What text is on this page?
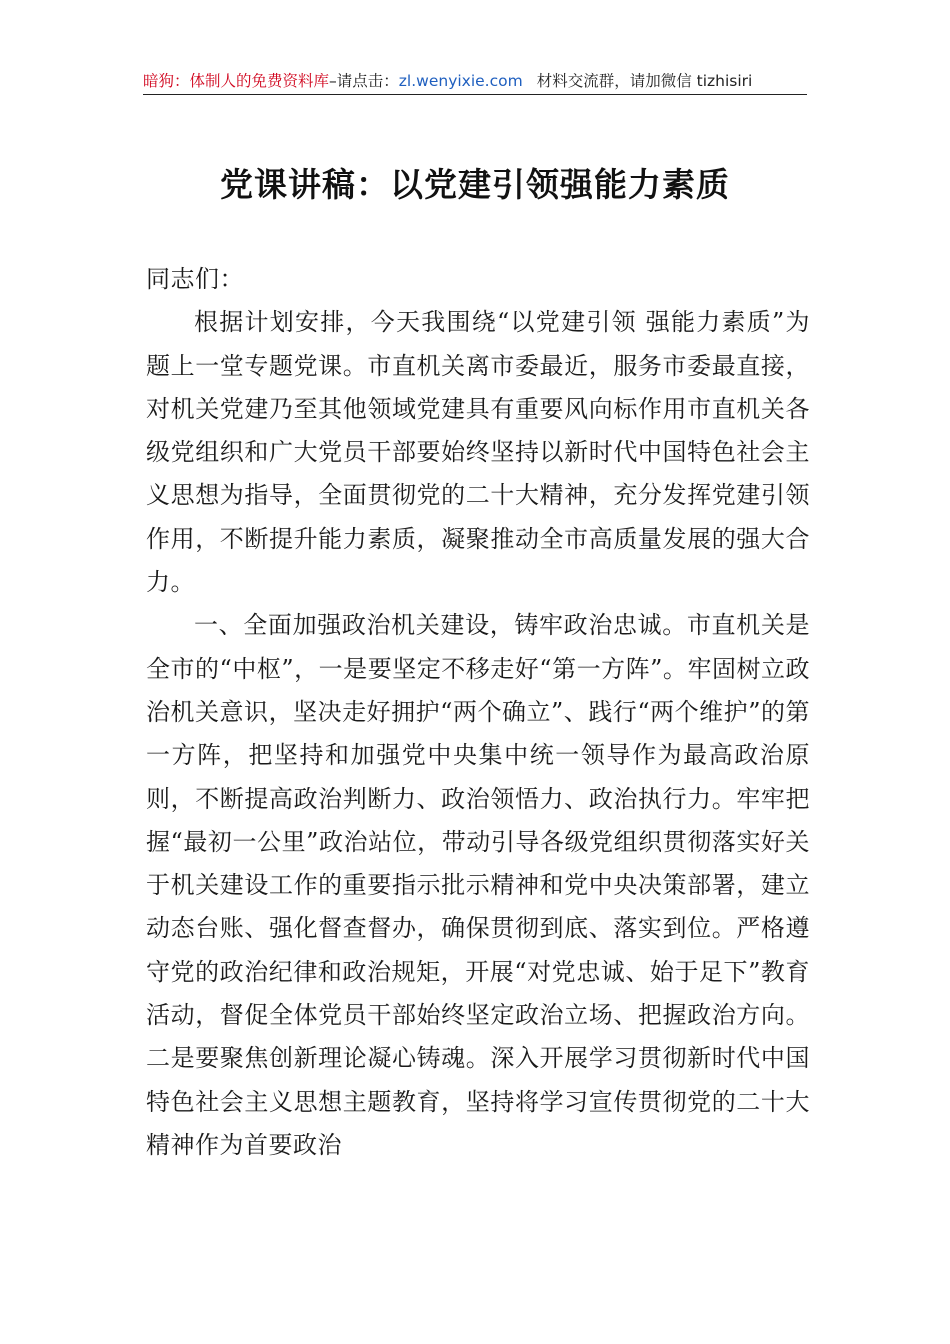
暗狗：体制人的免费资料库–请点击：zl.wenyixie.com 材料交流群，请加微信 tizhisiri
党课讲稿：以党建引领强能力素质

同志们：

根据计划安排，今天我围绕“以党建引领 强能力素质”为题上一堂专题党课。市直机关离市委最近，服务市委最直接，对机关党建乃至其他领域党建具有重要风向标作用市直机关各级党组织和广大党员干部要始终坚持以新时代中国特色社会主义思想为指导，全面贯彻党的二十大精神，充分发挥党建引领作用，不断提升能力素质，凝聚推动全市高质量发展的强大合力。

一、全面加强政治机关建设，铸牢政治忠诚。市直机关是全市的“中枢”，一是要坚定不移走好“第一方阵”。牢固树立政治机关意识，坚决走好拥护“两个确立”、践行“两个维护”的第一方阵，把坚持和加强党中央集中统一领导作为最高政治原则，不断提高政治判断力、政治领悟力、政治执行力。牢牢把握“最初一公里”政治站位，带动引导各级党组织贯彻落实好关于机关建设工作的重要指示批示精神和党中央决策部署，建立动态台账、强化督查督办，确保贯彻到底、落实到位。严格遵守党的政治纪律和政治规矩，开展“对党忠诚、始于足下”教育活动，督促全体党员干部始终坚定政治立场、把握政治方向。二是要聚焦创新理论凝心铸魂。深入开展学习贯彻新时代中国特色社会主义思想主题教育，坚持将学习宣传贯彻党的二十大精神作为首要政治
